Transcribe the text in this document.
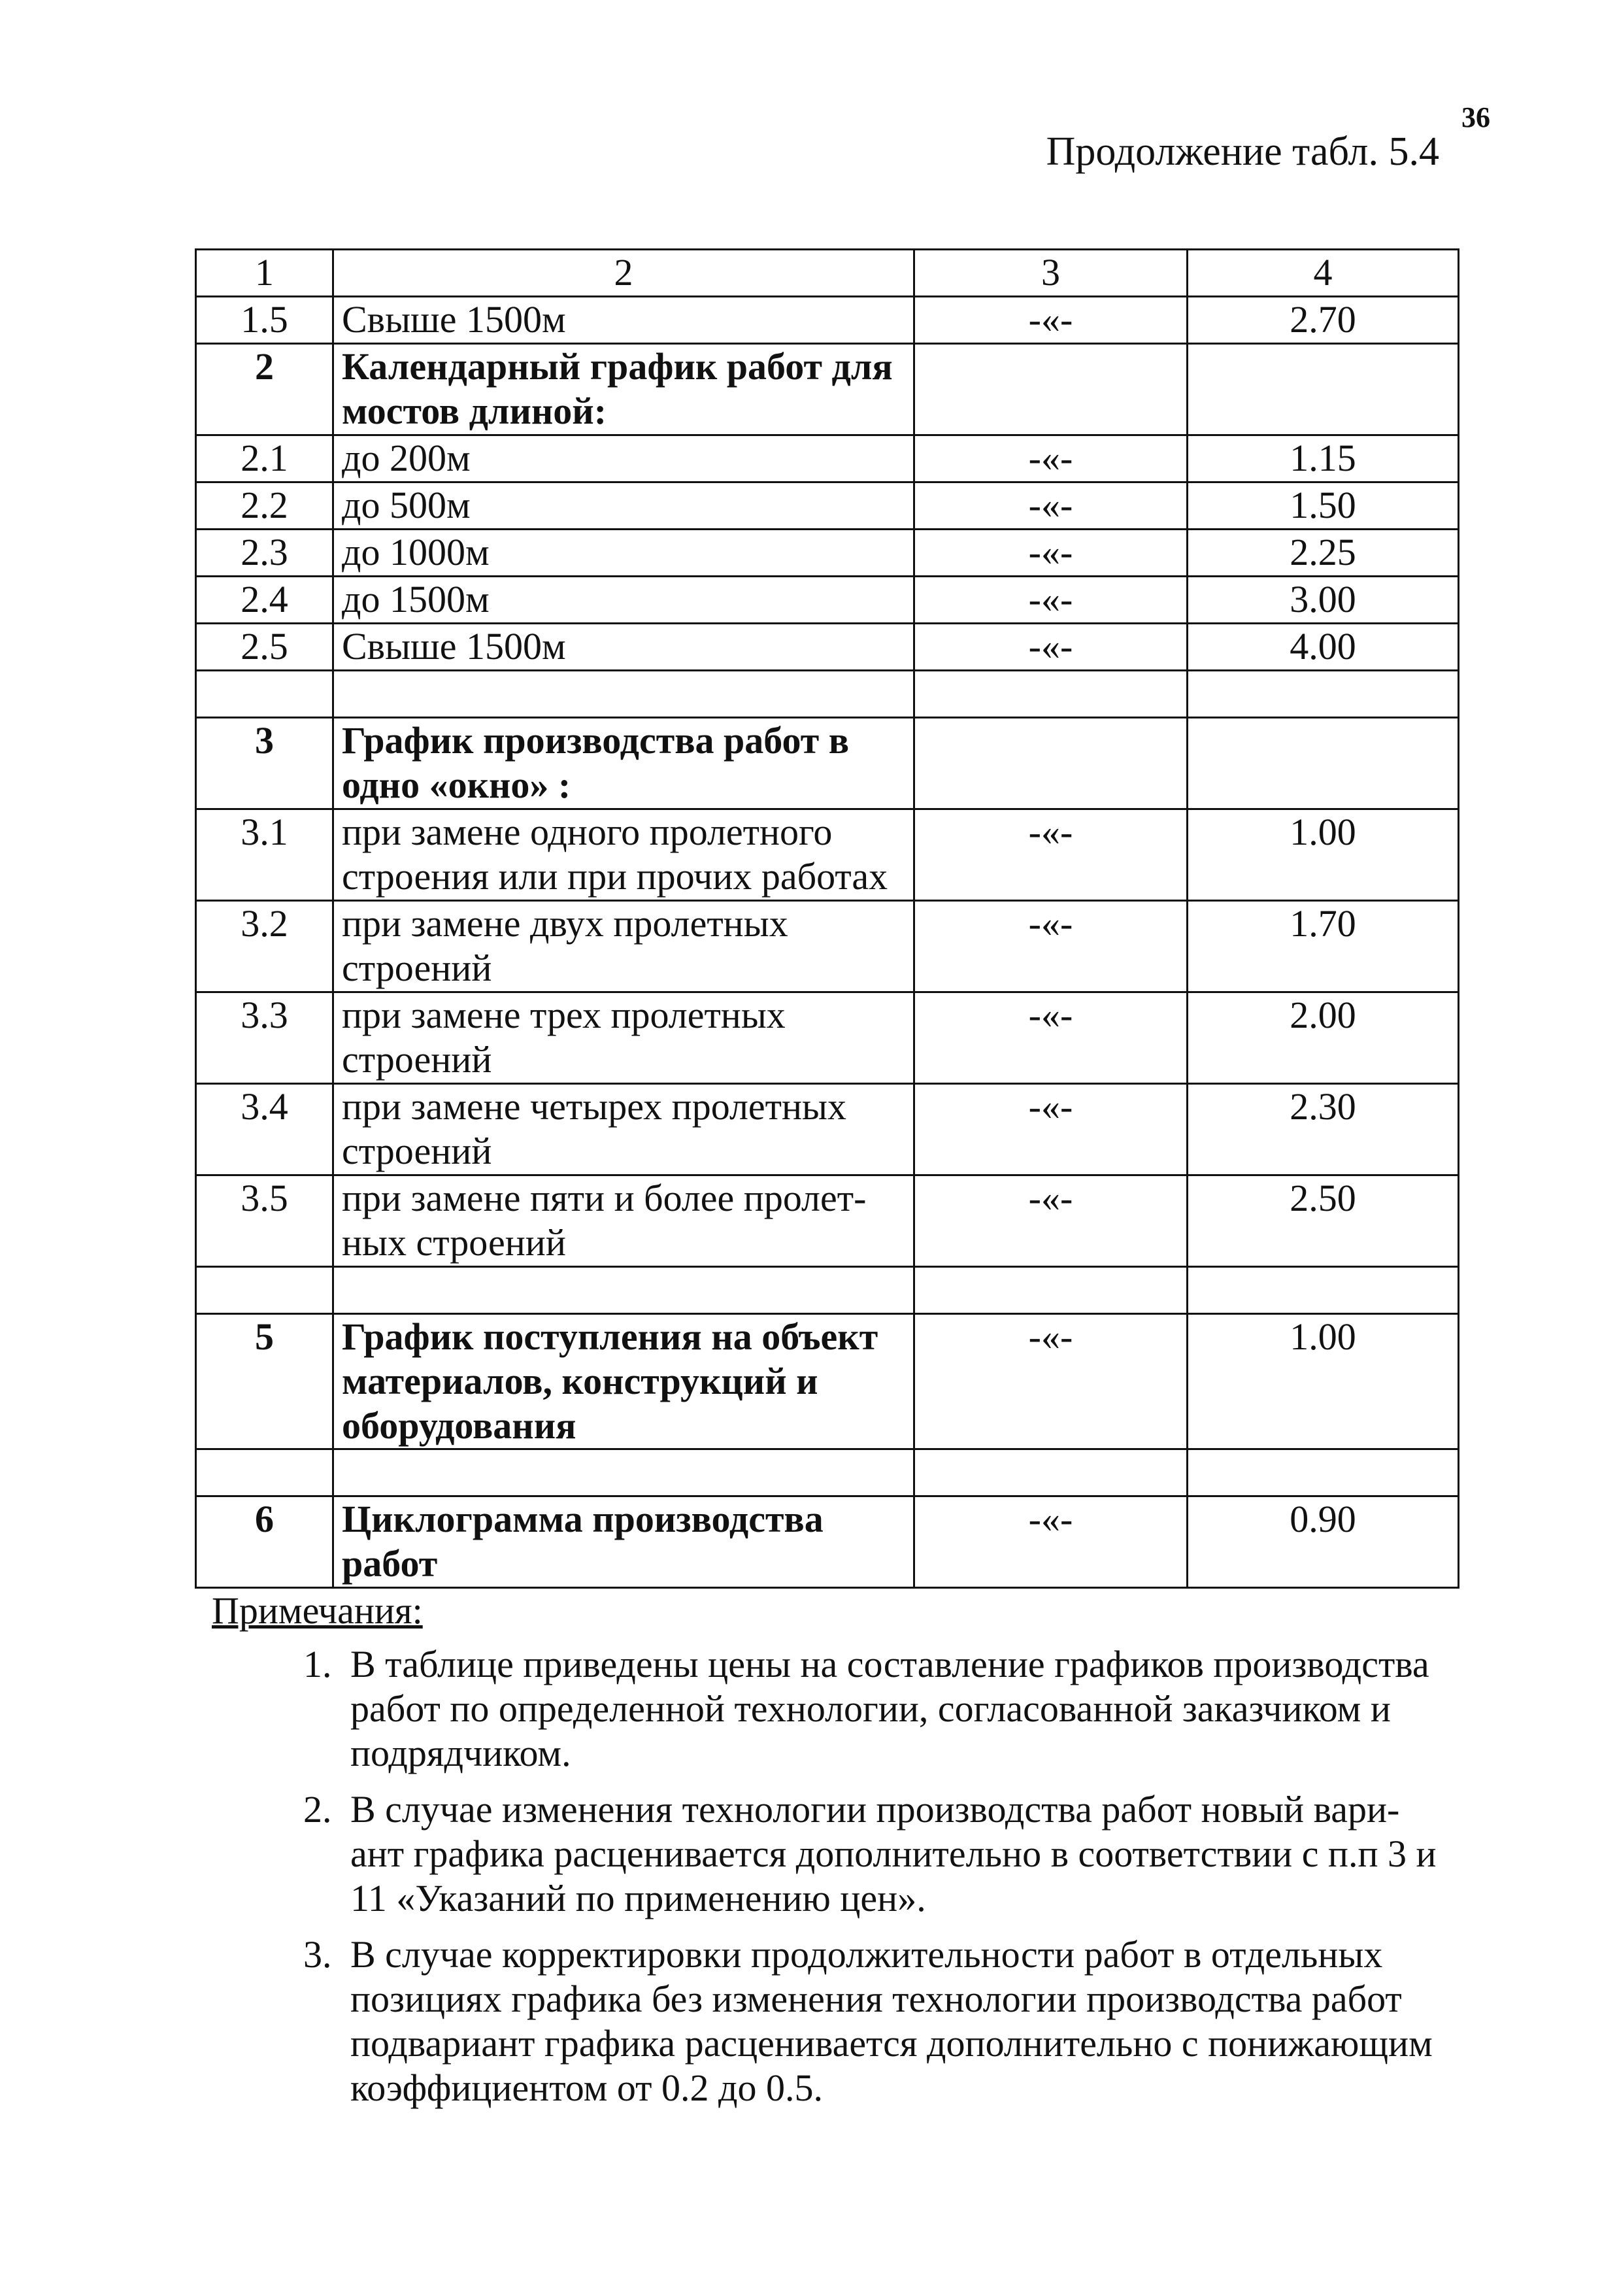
36
Продолжение табл. 5.4
1	2	3	4
1.5	Свыше 1500м	-«-	2.70
2	Календарный график работ для мостов длиной:		
2.1	до 200м	-«-	1.15
2.2	до 500м	-«-	1.50
2.3	до 1000м	-«-	2.25
2.4	до 1500м	-«-	3.00
2.5	Свыше 1500м	-«-	4.00

3	График производства работ в одно «окно» :		
3.1	при замене одного пролетного строения или при прочих работах	-«-	1.00
3.2	при замене двух пролетных строений	-«-	1.70
3.3	при замене трех пролетных строений	-«-	2.00
3.4	при замене четырех пролетных строений	-«-	2.30
3.5	при замене пяти и более пролет-ных строений	-«-	2.50

5	График поступления на объект материалов, конструкций и оборудования	-«-	1.00

6	Циклограмма производства работ	-«-	0.90
Примечания:
1. В таблице приведены цены на составление графиков производства работ по определенной технологии, согласованной заказчиком и подрядчиком.
2. В случае изменения технологии производства работ новый вари-ант графика расценивается дополнительно в соответствии с п.п 3 и 11 «Указаний по применению цен».
3. В случае корректировки продолжительности работ в отдельных позициях графика без изменения технологии производства работ подвариант графика расценивается дополнительно с понижающим коэффициентом от 0.2 до 0.5.
